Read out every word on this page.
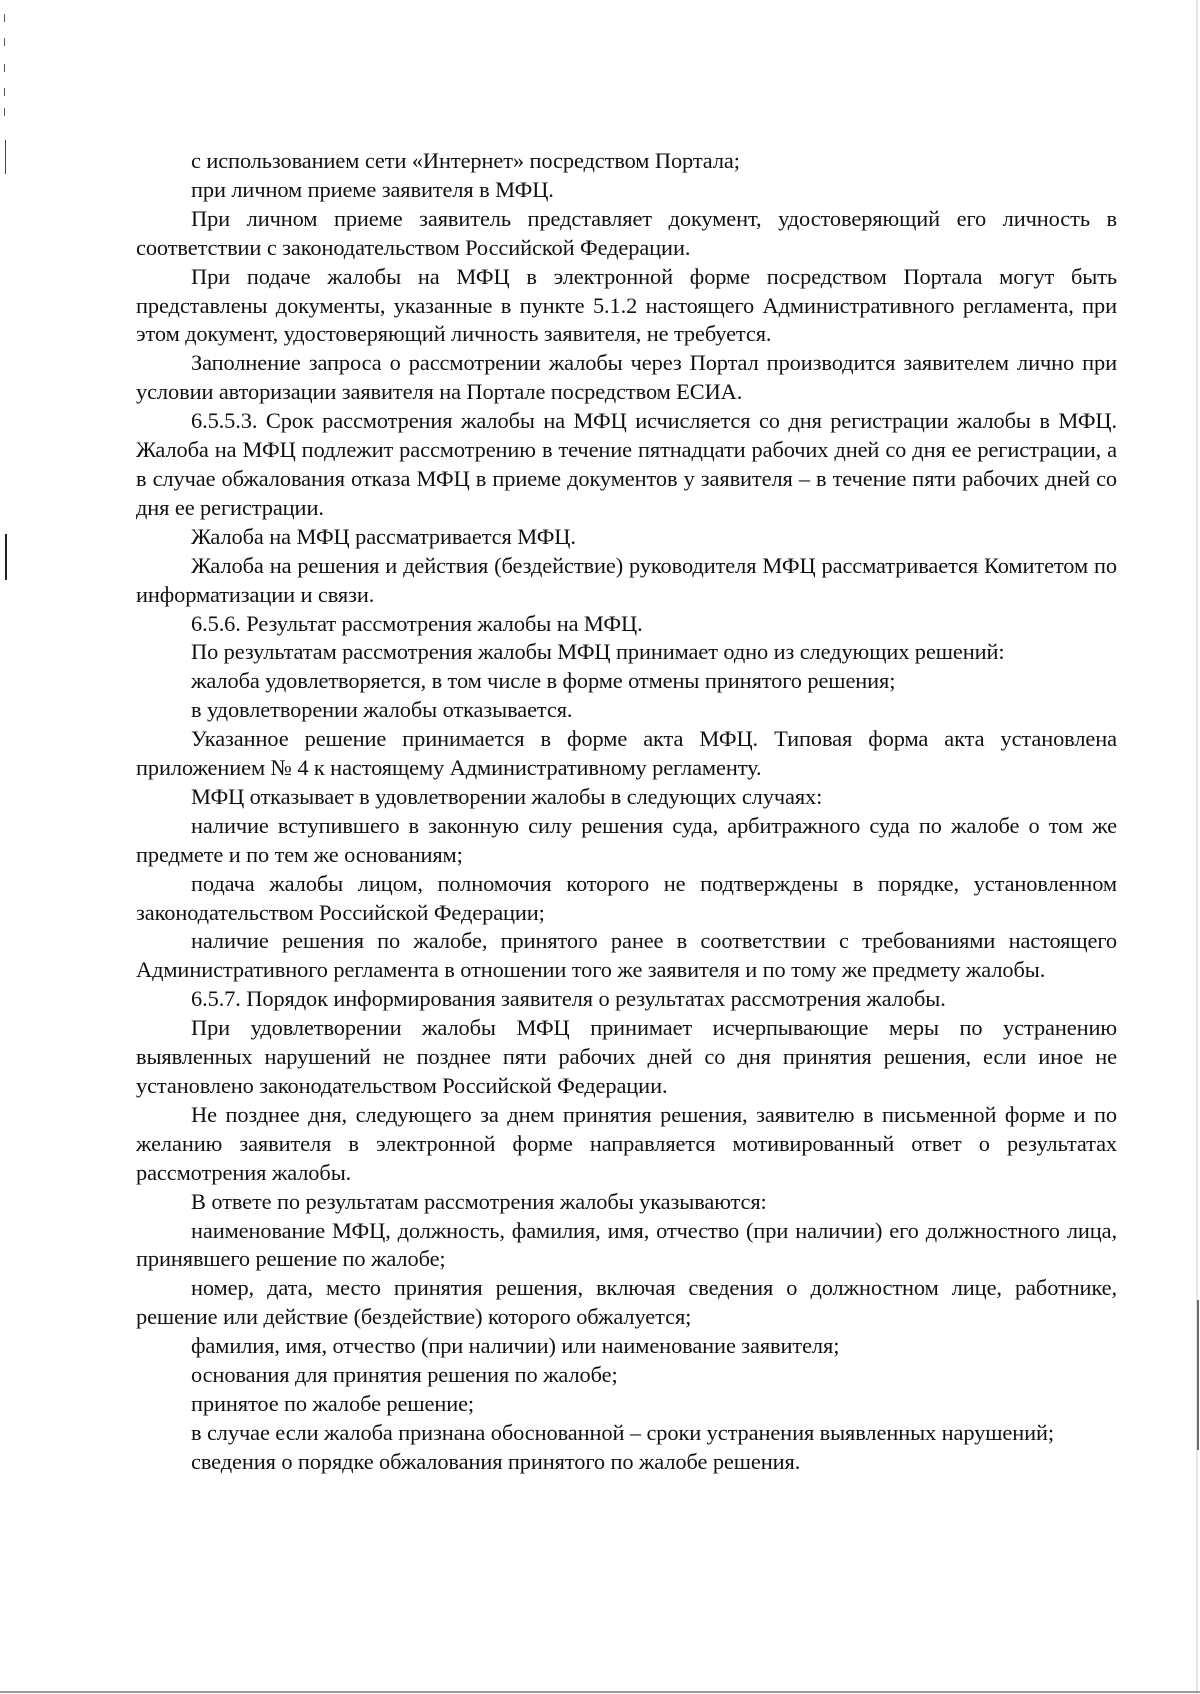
с использованием сети «Интернет» посредством Портала;

при личном приеме заявителя в МФЦ.

При личном приеме заявитель представляет документ, удостоверяющий его личность в соответствии с законодательством Российской Федерации.

При подаче жалобы на МФЦ в электронной форме посредством Портала могут быть представлены документы, указанные в пункте 5.1.2 настоящего Административного регламента, при этом документ, удостоверяющий личность заявителя, не требуется.

Заполнение запроса о рассмотрении жалобы через Портал производится заявителем лично при условии авторизации заявителя на Портале посредством ЕСИА.

6.5.5.3. Срок рассмотрения жалобы на МФЦ исчисляется со дня регистрации жалобы в МФЦ. Жалоба на МФЦ подлежит рассмотрению в течение пятнадцати рабочих дней со дня ее регистрации, а в случае обжалования отказа МФЦ в приеме документов у заявителя – в течение пяти рабочих дней со дня ее регистрации.

Жалоба на МФЦ рассматривается МФЦ.

Жалоба на решения и действия (бездействие) руководителя МФЦ рассматривается Комитетом по информатизации и связи.

6.5.6. Результат рассмотрения жалобы на МФЦ.

По результатам рассмотрения жалобы МФЦ принимает одно из следующих решений:

жалоба удовлетворяется, в том числе в форме отмены принятого решения;

в удовлетворении жалобы отказывается.

Указанное решение принимается в форме акта МФЦ. Типовая форма акта установлена приложением № 4 к настоящему Административному регламенту.

МФЦ отказывает в удовлетворении жалобы в следующих случаях:

наличие вступившего в законную силу решения суда, арбитражного суда по жалобе о том же предмете и по тем же основаниям;

подача жалобы лицом, полномочия которого не подтверждены в порядке, установленном законодательством Российской Федерации;

наличие решения по жалобе, принятого ранее в соответствии с требованиями настоящего Административного регламента в отношении того же заявителя и по тому же предмету жалобы.

6.5.7. Порядок информирования заявителя о результатах рассмотрения жалобы.

При удовлетворении жалобы МФЦ принимает исчерпывающие меры по устранению выявленных нарушений не позднее пяти рабочих дней со дня принятия решения, если иное не установлено законодательством Российской Федерации.

Не позднее дня, следующего за днем принятия решения, заявителю в письменной форме и по желанию заявителя в электронной форме направляется мотивированный ответ о результатах рассмотрения жалобы.

В ответе по результатам рассмотрения жалобы указываются:

наименование МФЦ, должность, фамилия, имя, отчество (при наличии) его должностного лица, принявшего решение по жалобе;

номер, дата, место принятия решения, включая сведения о должностном лице, работнике, решение или действие (бездействие) которого обжалуется;

фамилия, имя, отчество (при наличии) или наименование заявителя;

основания для принятия решения по жалобе;

принятое по жалобе решение;

в случае если жалоба признана обоснованной – сроки устранения выявленных нарушений;

сведения о порядке обжалования принятого по жалобе решения.
